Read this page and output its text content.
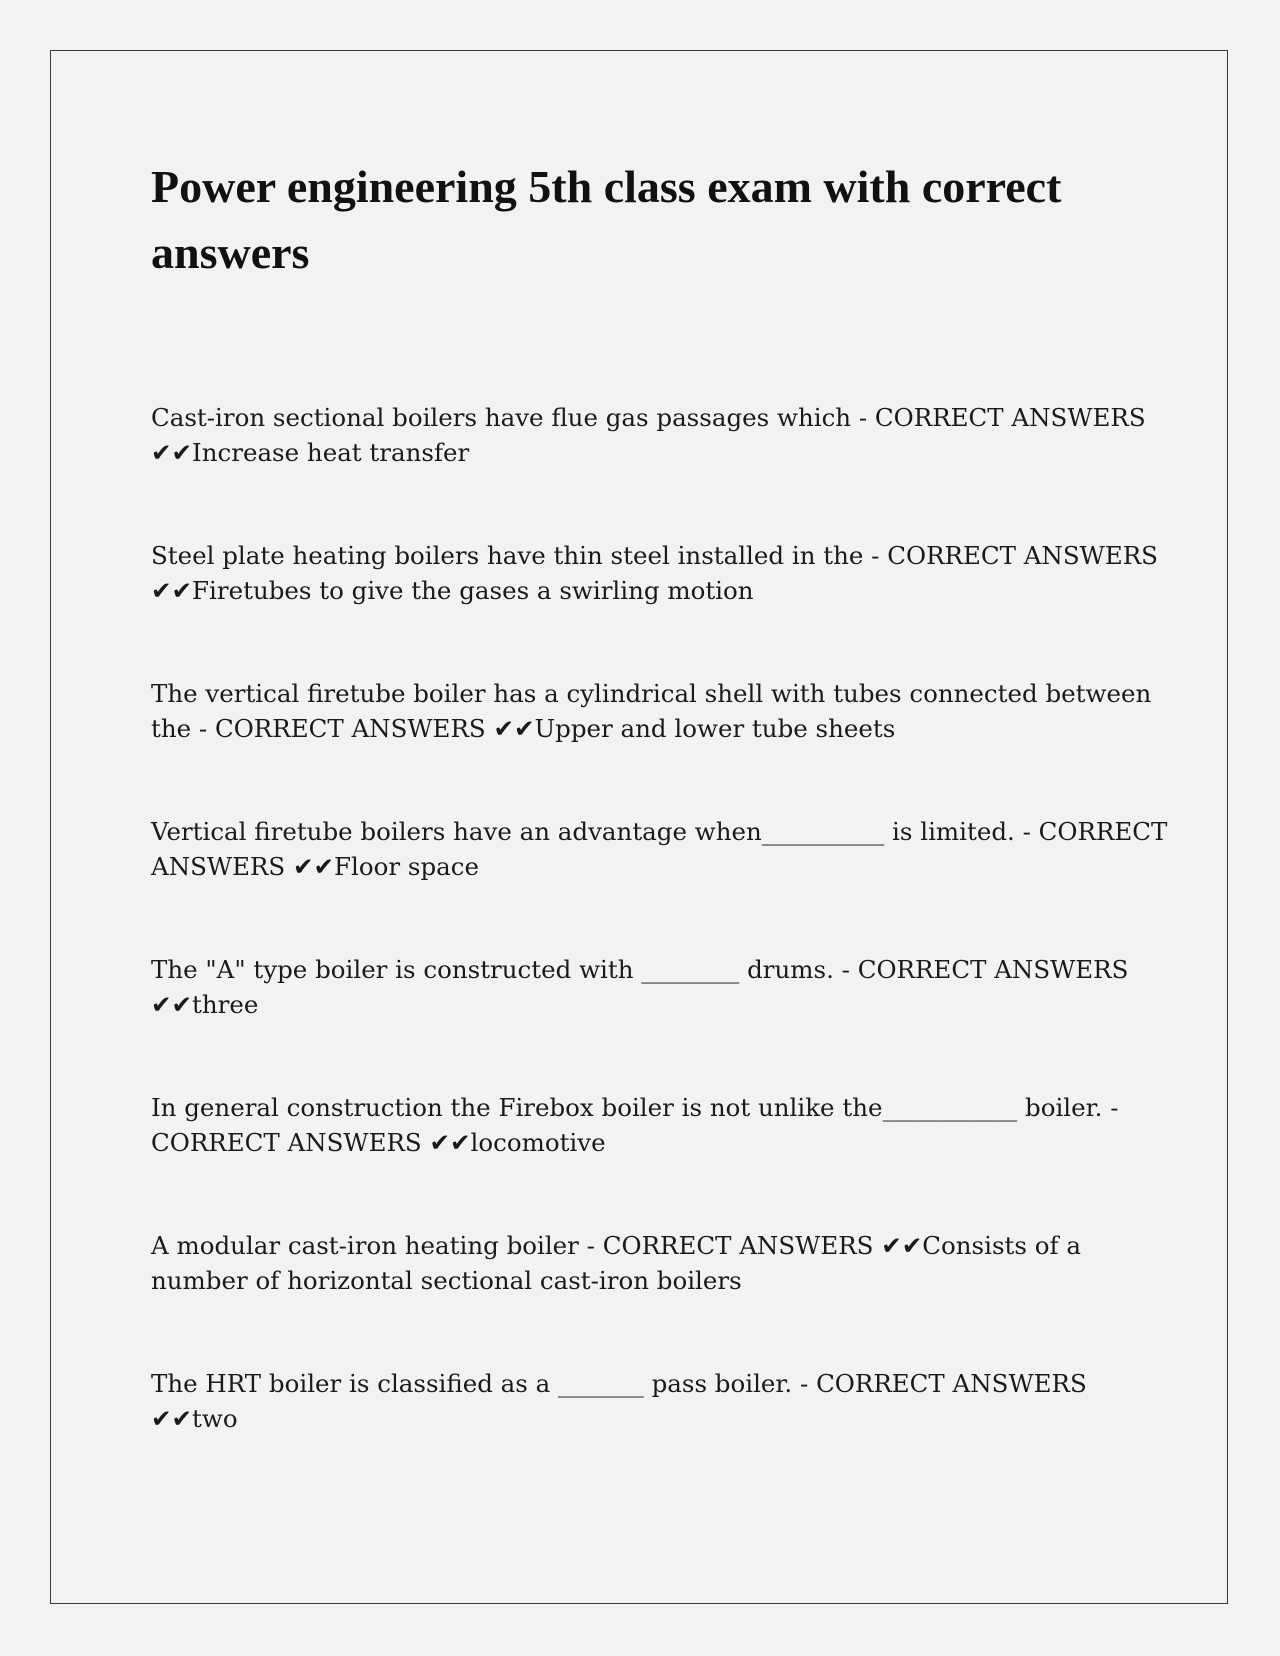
Power engineering 5th class exam with correct answers

Cast-iron sectional boilers have flue gas passages which - CORRECT ANSWERS ✔✔Increase heat transfer

Steel plate heating boilers have thin steel installed in the - CORRECT ANSWERS ✔✔Firetubes to give the gases a swirling motion

The vertical firetube boiler has a cylindrical shell with tubes connected between the - CORRECT ANSWERS ✔✔Upper and lower tube sheets

Vertical firetube boilers have an advantage when__________ is limited. - CORRECT ANSWERS ✔✔Floor space

The "A" type boiler is constructed with ________ drums. - CORRECT ANSWERS ✔✔three

In general construction the Firebox boiler is not unlike the___________ boiler. - CORRECT ANSWERS ✔✔locomotive

A modular cast-iron heating boiler - CORRECT ANSWERS ✔✔Consists of a number of horizontal sectional cast-iron boilers

The HRT boiler is classified as a _______ pass boiler. - CORRECT ANSWERS ✔✔two
